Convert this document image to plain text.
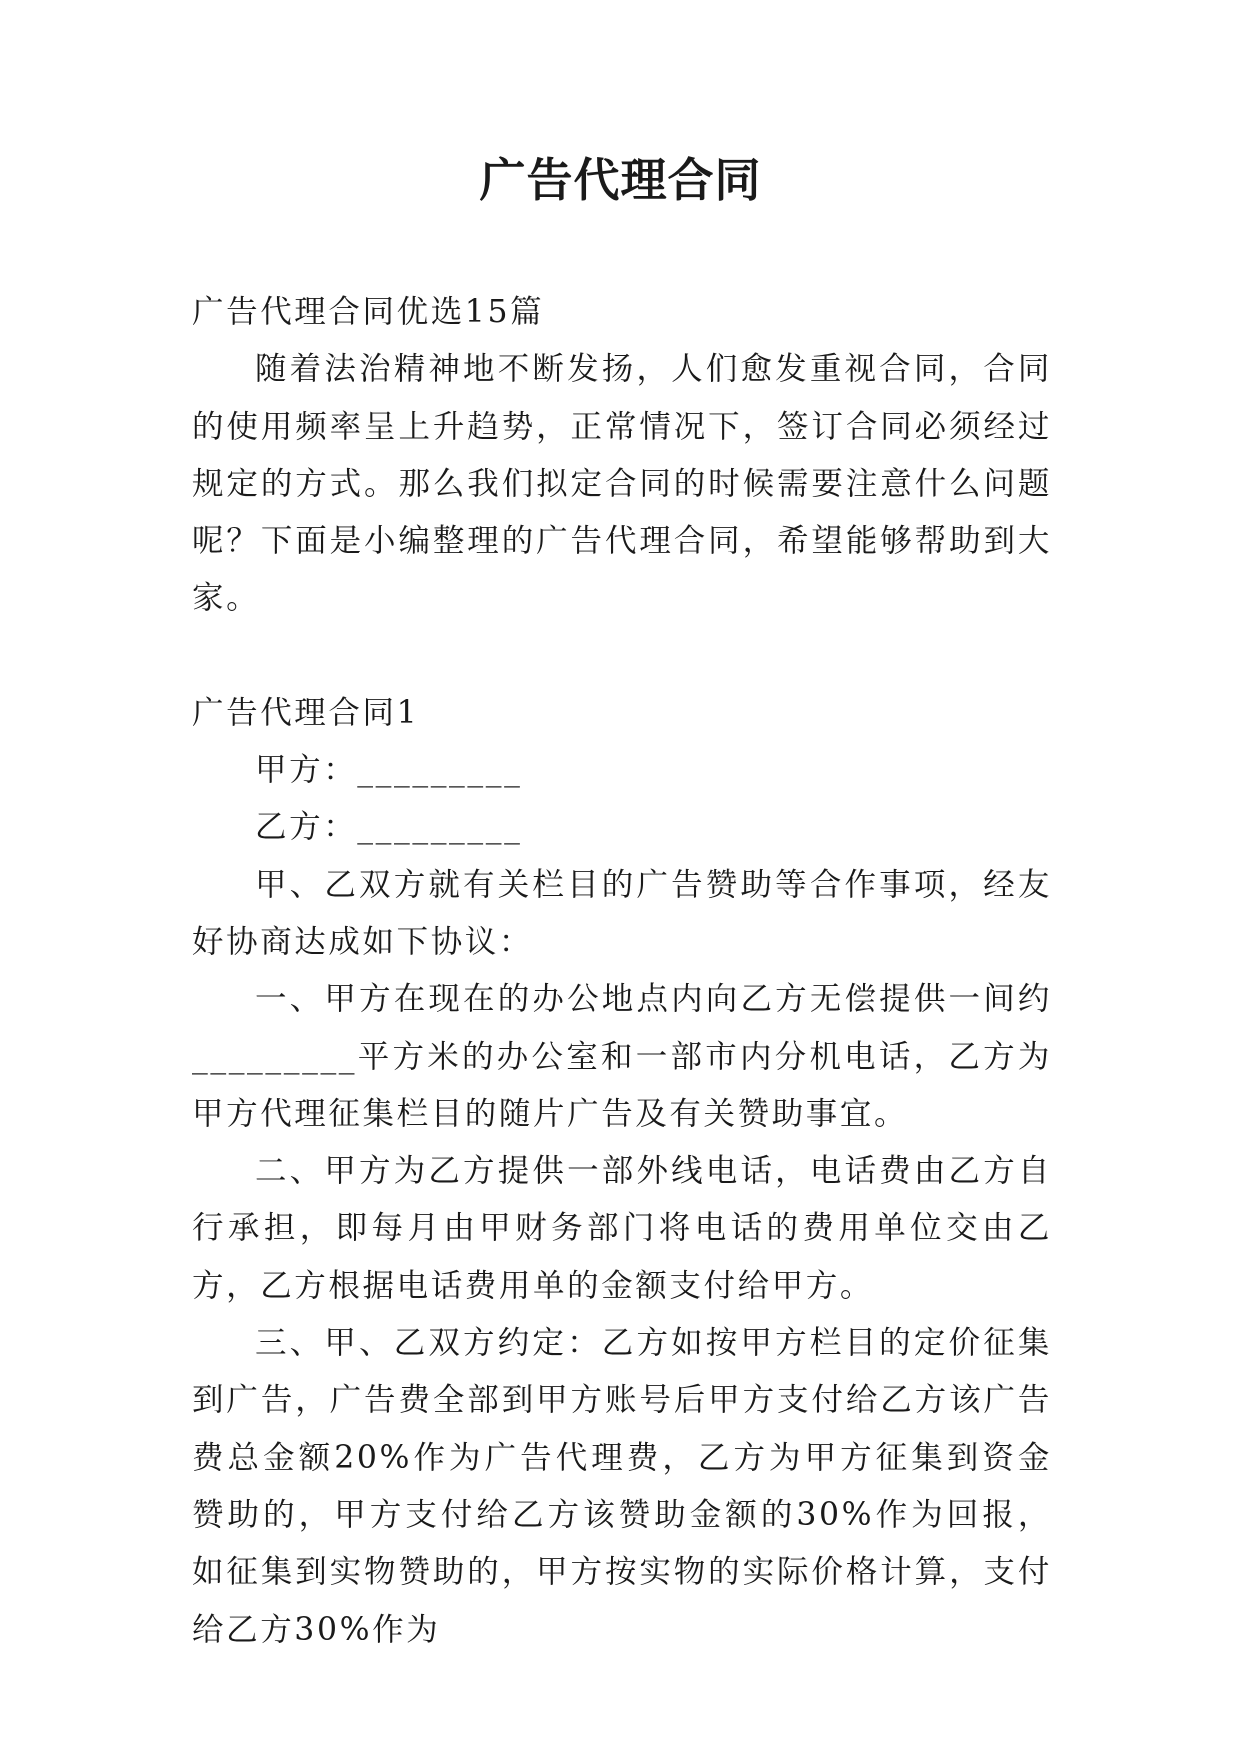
广告代理合同

广告代理合同优选15篇

随着法治精神地不断发扬，人们愈发重视合同，合同的使用频率呈上升趋势，正常情况下，签订合同必须经过规定的方式。那么我们拟定合同的时候需要注意什么问题呢？下面是小编整理的广告代理合同，希望能够帮助到大家。

广告代理合同1

甲方：_________

乙方：_________

甲、乙双方就有关栏目的广告赞助等合作事项，经友好协商达成如下协议：

一、甲方在现在的办公地点内向乙方无偿提供一间约_________平方米的办公室和一部市内分机电话，乙方为甲方代理征集栏目的随片广告及有关赞助事宜。

二、甲方为乙方提供一部外线电话，电话费由乙方自行承担，即每月由甲财务部门将电话的费用单位交由乙方，乙方根据电话费用单的金额支付给甲方。

三、甲、乙双方约定：乙方如按甲方栏目的定价征集到广告，广告费全部到甲方账号后甲方支付给乙方该广告费总金额20%作为广告代理费，乙方为甲方征集到资金赞助的，甲方支付给乙方该赞助金额的30%作为回报，如征集到实物赞助的，甲方按实物的实际价格计算，支付给乙方30%作为
